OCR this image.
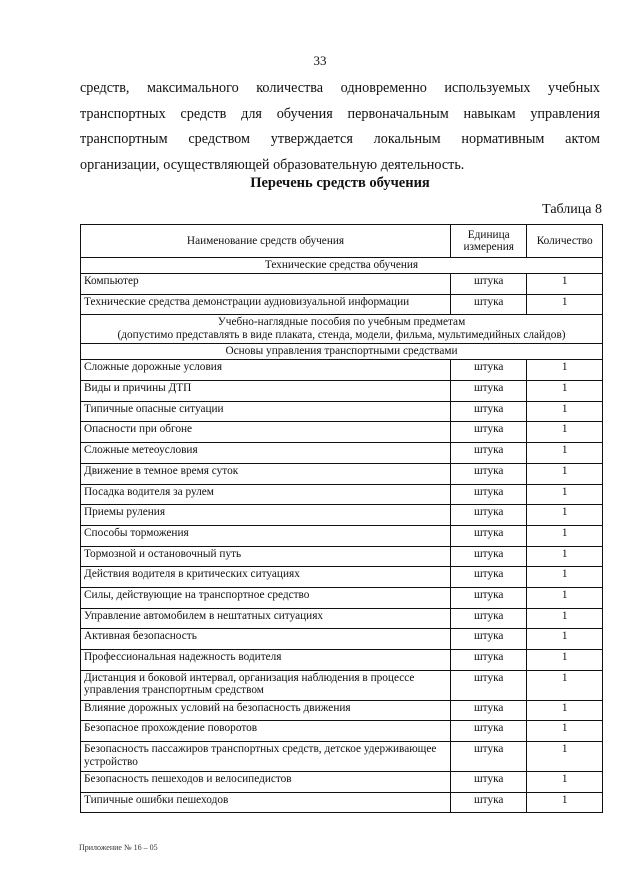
33
средств, максимального количества одновременно используемых учебных
транспортных средств для обучения первоначальным навыкам управления
транспортным средством утверждается локальным нормативным актом
организации, осуществляющей образовательную деятельность.
Перечень средств обучения
Таблица 8
Наименование средств обучения	Единица измерения	Количество
Технические средства обучения		
Компьютер	штука	1
Технические средства демонстрации аудиовизуальной информации	штука	1

Учебно-наглядные пособия по учебным предметам
(допустимо представлять в виде плаката, стенда, модели, фильма, мультимедийных слайдов)		

Основы управления транспортными средствами		

Сложные дорожные условия	штука	1
Виды и причины ДТП	штука	1
Типичные опасные ситуации	штука	1
Опасности при обгоне	штука	1
Сложные метеоусловия	штука	1
Движение в темное время суток	штука	1
Посадка водителя за рулем	штука	1
Приемы руления	штука	1
Способы торможения	штука	1
Тормозной и остановочный путь	штука	1
Действия водителя в критических ситуациях	штука	1
Силы, действующие на транспортное средство	штука	1
Управление автомобилем в нештатных ситуациях	штука	1
Активная безопасность	штука	1
Профессиональная надежность водителя	штука	1
Дистанция и боковой интервал, организация наблюдения в процессе управления транспортным средством	штука	1
Влияние дорожных условий на безопасность движения	штука	1
Безопасное прохождение поворотов	штука	1
Безопасность пассажиров транспортных средств, детское удерживающее устройство	штука	1
Безопасность пешеходов и велосипедистов	штука	1
Типичные ошибки пешеходов	штука	1
Приложение № 16 – 05
